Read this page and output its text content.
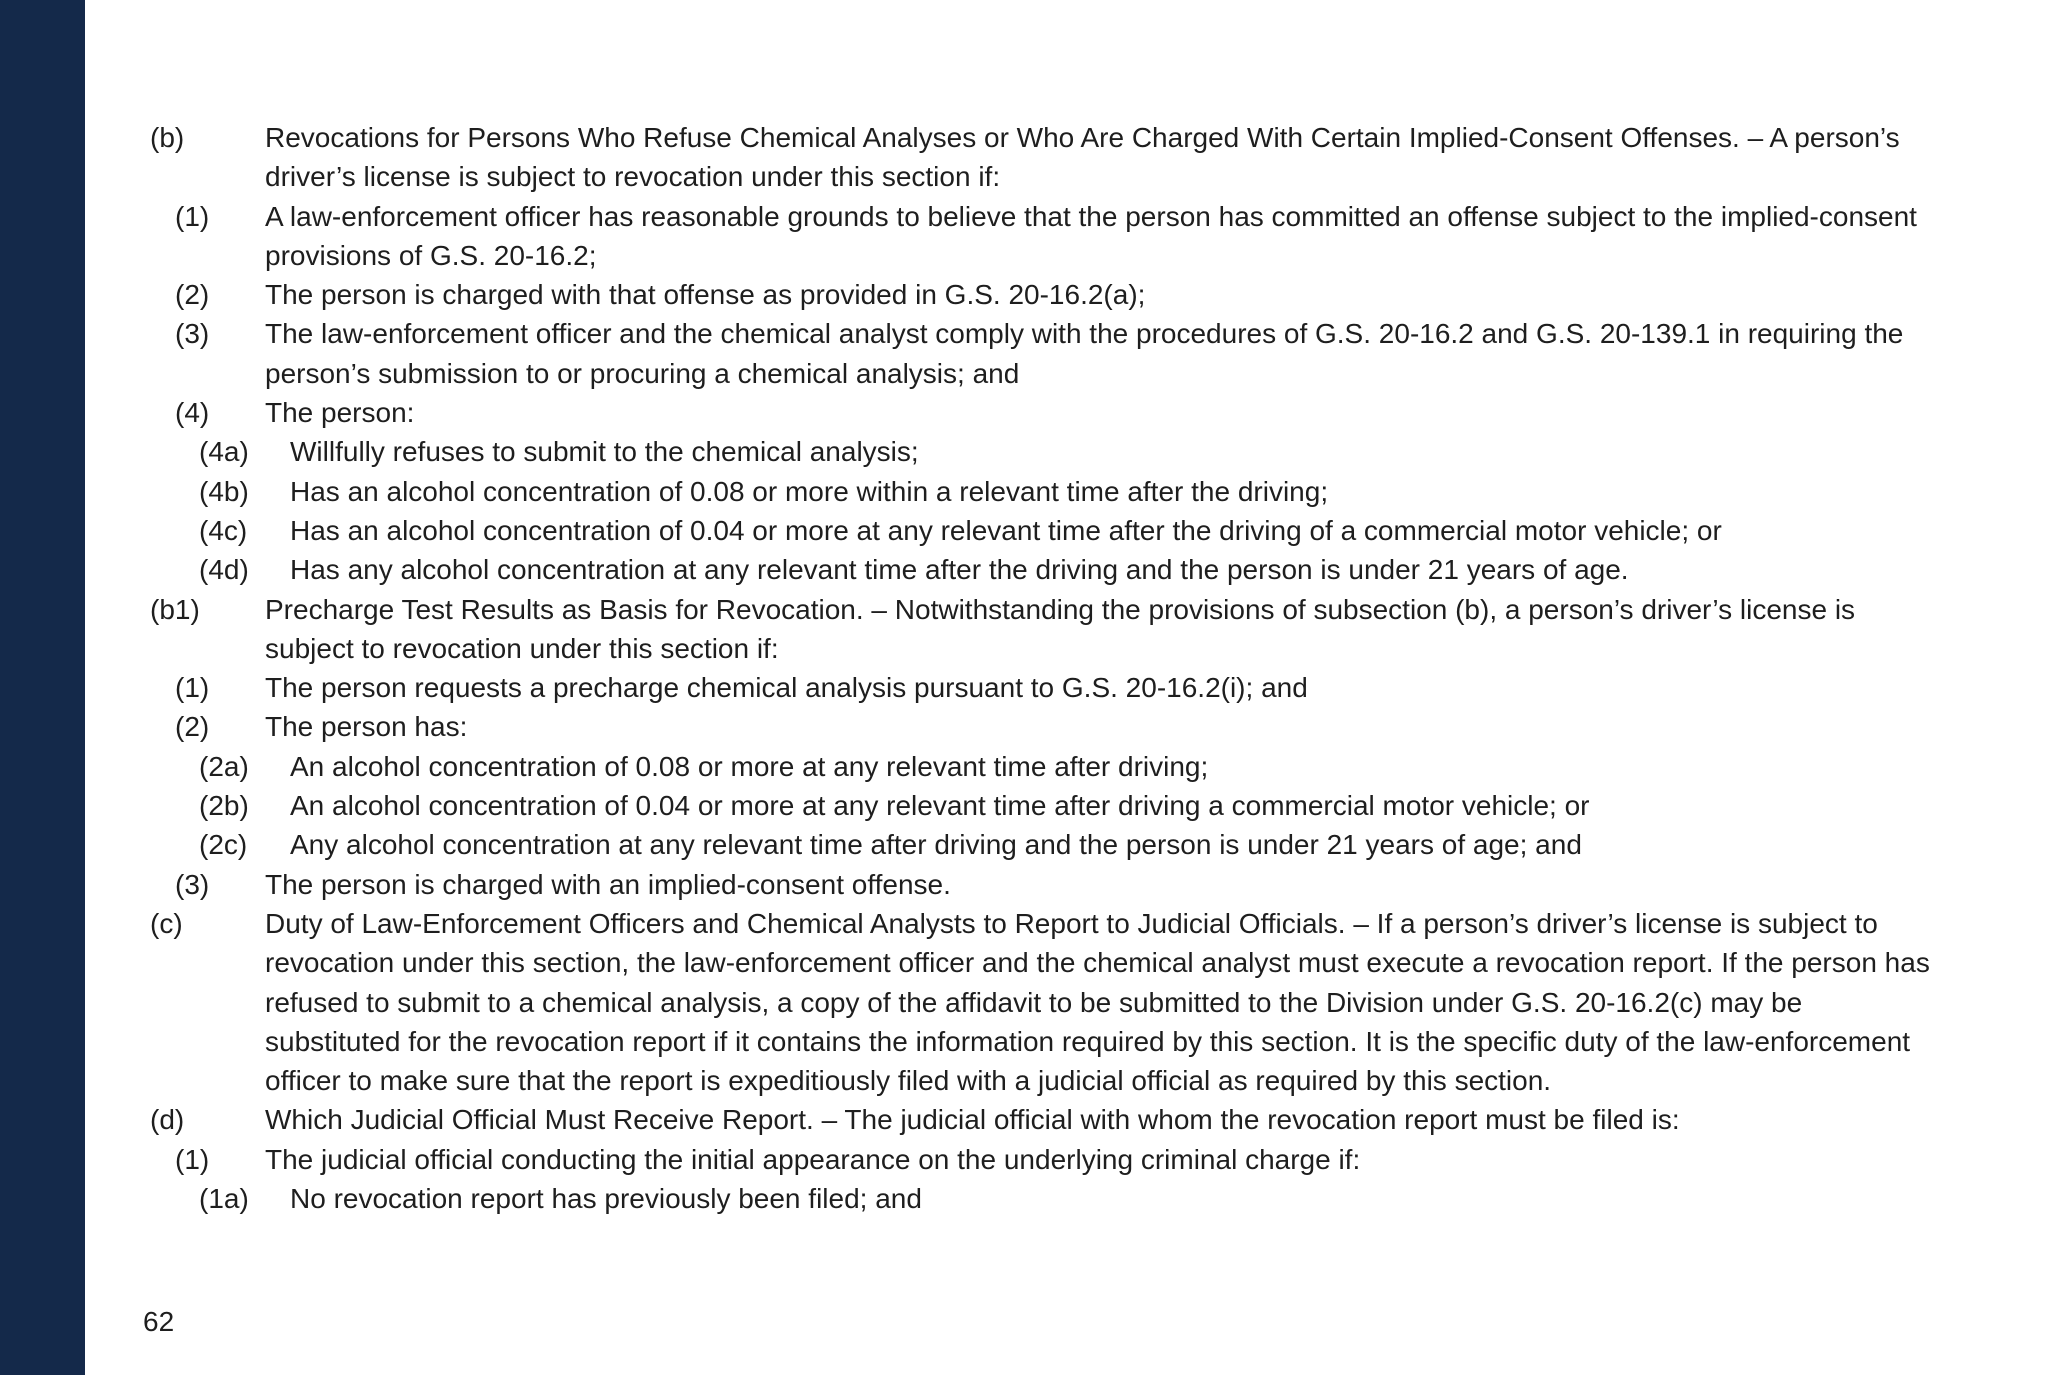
(b)	Revocations for Persons Who Refuse Chemical Analyses or Who Are Charged With Certain Implied-Consent Offenses. – A person’s driver’s license is subject to revocation under this section if:
(1)	A law-enforcement officer has reasonable grounds to believe that the person has committed an offense subject to the implied-consent provisions of G.S. 20-16.2;
(2)	The person is charged with that offense as provided in G.S. 20-16.2(a);
(3)	The law-enforcement officer and the chemical analyst comply with the procedures of G.S. 20-16.2 and G.S. 20-139.1 in requiring the person’s submission to or procuring a chemical analysis; and
(4)	The person:
(4a)	Willfully refuses to submit to the chemical analysis;
(4b)	Has an alcohol concentration of 0.08 or more within a relevant time after the driving;
(4c)	Has an alcohol concentration of 0.04 or more at any relevant time after the driving of a commercial motor vehicle; or
(4d)	Has any alcohol concentration at any relevant time after the driving and the person is under 21 years of age.
(b1)	Precharge Test Results as Basis for Revocation. – Notwithstanding the provisions of subsection (b), a person’s driver’s license is subject to revocation under this section if:
(1)	The person requests a precharge chemical analysis pursuant to G.S. 20-16.2(i); and
(2)	The person has:
(2a)	An alcohol concentration of 0.08 or more at any relevant time after driving;
(2b)	An alcohol concentration of 0.04 or more at any relevant time after driving a commercial motor vehicle; or
(2c)	Any alcohol concentration at any relevant time after driving and the person is under 21 years of age; and
(3)	The person is charged with an implied-consent offense.
(c)	Duty of Law-Enforcement Officers and Chemical Analysts to Report to Judicial Officials. – If a person’s driver’s license is subject to revocation under this section, the law-enforcement officer and the chemical analyst must execute a revocation report. If the person has refused to submit to a chemical analysis, a copy of the affidavit to be submitted to the Division under G.S. 20-16.2(c) may be substituted for the revocation report if it contains the information required by this section. It is the specific duty of the law-enforcement officer to make sure that the report is expeditiously filed with a judicial official as required by this section.
(d)	Which Judicial Official Must Receive Report. – The judicial official with whom the revocation report must be filed is:
(1)	The judicial official conducting the initial appearance on the underlying criminal charge if:
(1a)	No revocation report has previously been filed; and
62
